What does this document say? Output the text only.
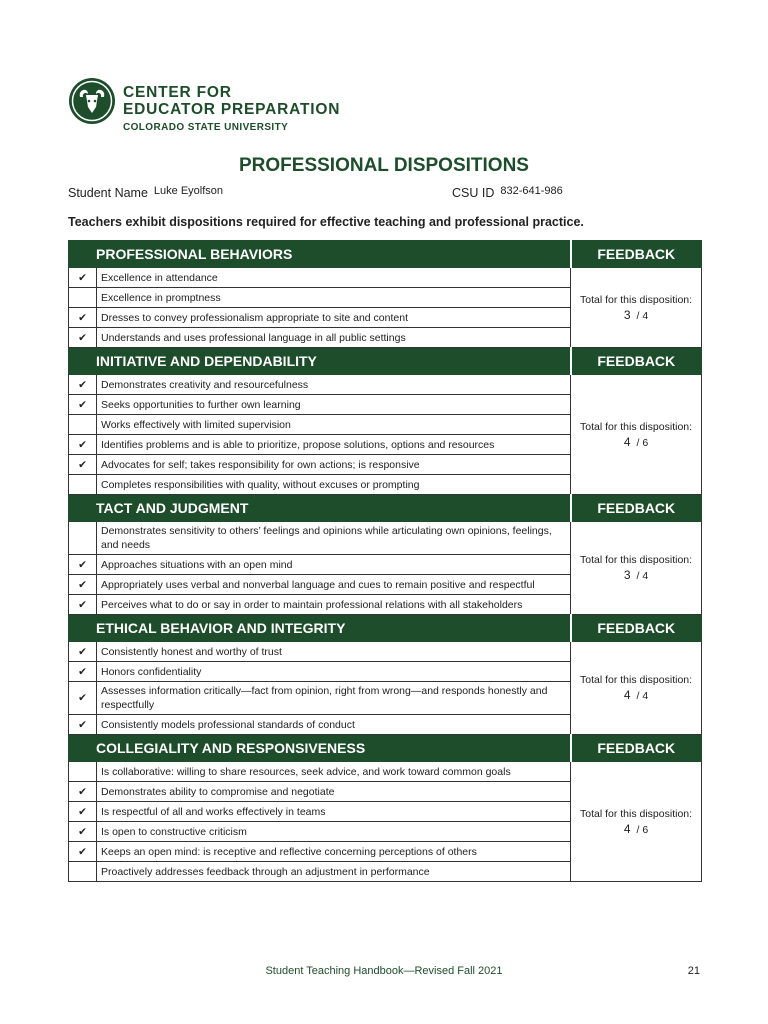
CENTER FOR
EDUCATOR PREPARATION
COLORADO STATE UNIVERSITY
PROFESSIONAL DISPOSITIONS
Student Name Luke Eyolfson	CSU ID 832-641-986
Teachers exhibit dispositions required for effective teaching and professional practice.
PROFESSIONAL BEHAVIORS		FEEDBACK
✔	Excellence in attendance	Total for this disposition:
3 / 4

	Excellence in promptness	
✔	Dresses to convey professionalism appropriate to site and content	
✔	Understands and uses professional language in all public settings	
INITIATIVE AND DEPENDABILITY		FEEDBACK
✔	Demonstrates creativity and resourcefulness	Total for this disposition:
4 / 6

✔	Seeks opportunities to further own learning	
	Works effectively with limited supervision	
✔	Identifies problems and is able to prioritize, propose solutions, options and resources	
✔	Advocates for self; takes responsibility for own actions; is responsive	
	Completes responsibilities with quality, without excuses or prompting	
TACT AND JUDGMENT		FEEDBACK
	Demonstrates sensitivity to others’ feelings and opinions while articulating own opinions, feelings, and needs	Total for this disposition:
3 / 4

✔	Approaches situations with an open mind	
✔	Appropriately uses verbal and nonverbal language and cues to remain positive and respectful	
✔	Perceives what to do or say in order to maintain professional relations with all stakeholders	
ETHICAL BEHAVIOR AND INTEGRITY		FEEDBACK
✔	Consistently honest and worthy of trust	Total for this disposition:
4 / 4

✔	Honors confidentiality	
✔	Assesses information critically—fact from opinion, right from wrong—and responds honestly and respectfully	
✔	Consistently models professional standards of conduct	
COLLEGIALITY AND RESPONSIVENESS		FEEDBACK
	Is collaborative: willing to share resources, seek advice, and work toward common goals	Total for this disposition:
4 / 6

✔	Demonstrates ability to compromise and negotiate	
✔	Is respectful of all and works effectively in teams	
✔	Is open to constructive criticism	
✔	Keeps an open mind: is receptive and reflective concerning perceptions of others	
	Proactively addresses feedback through an adjustment in performance	
Student Teaching Handbook—Revised Fall 2021	21
